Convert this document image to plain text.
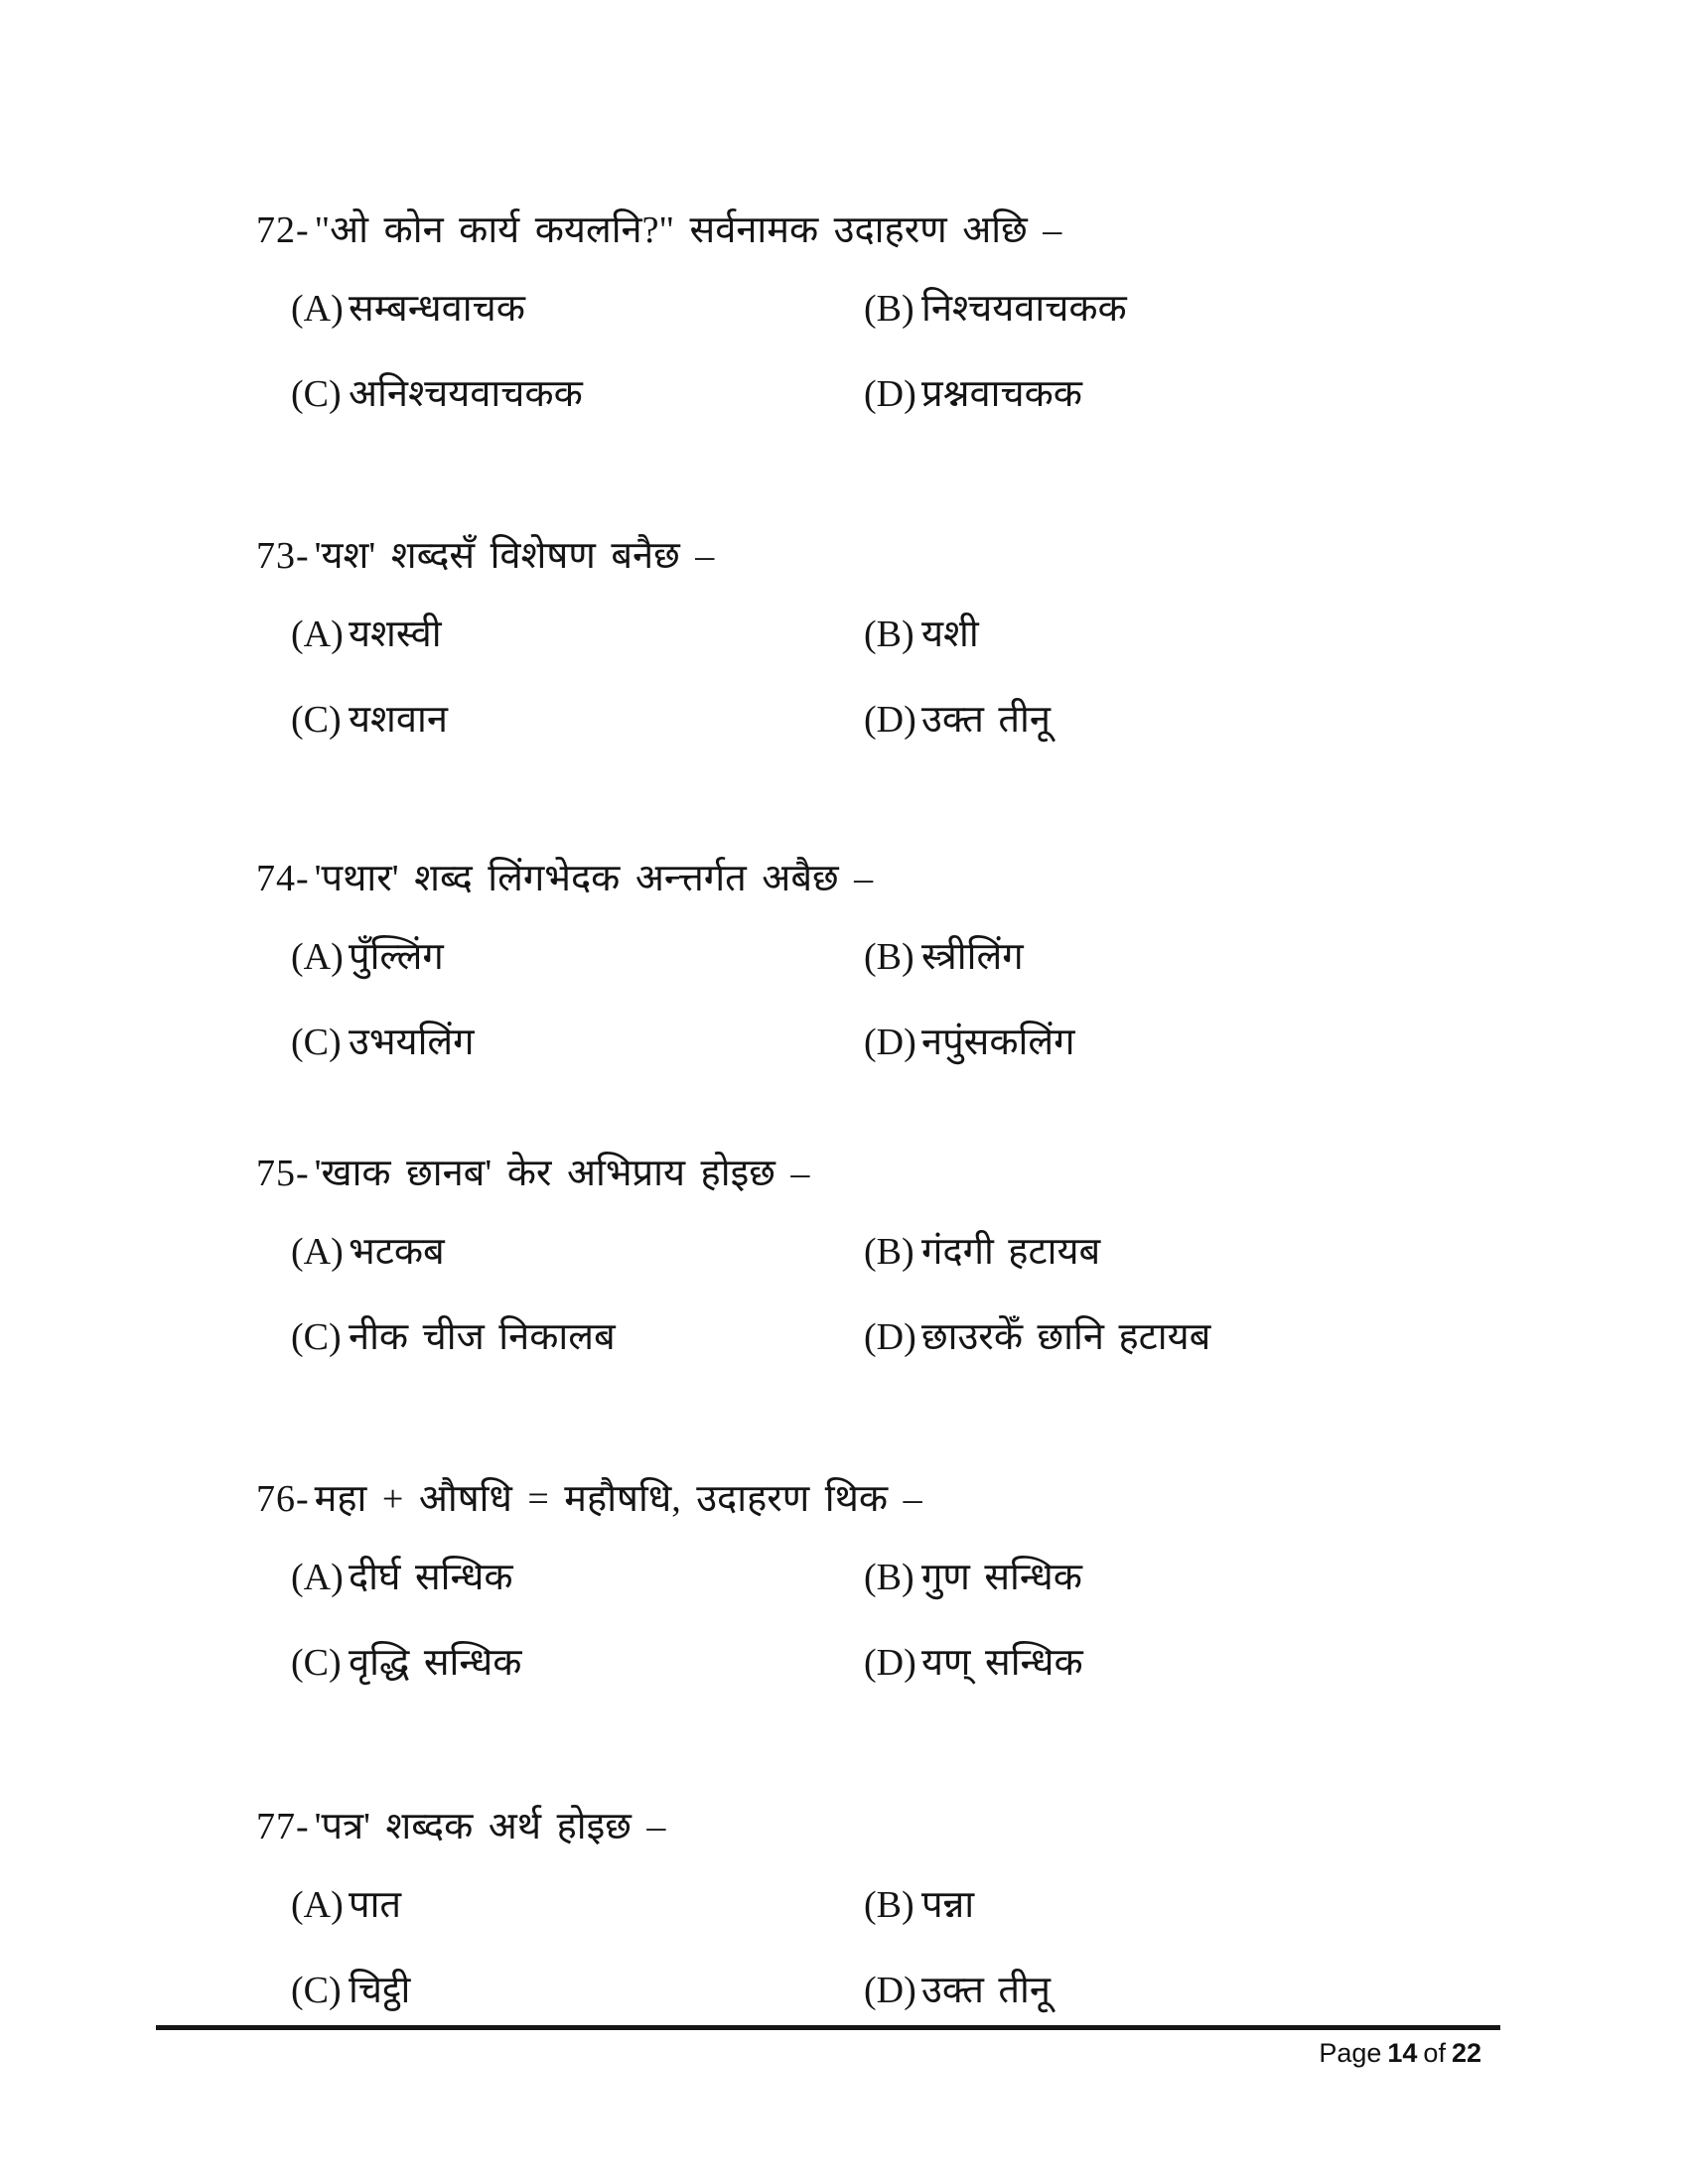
72- "ओ कोन कार्य कयलनि?" सर्वनामक उदाहरण अछि –
(A) सम्बन्धवाचक	(B) निश्चयवाचकक
(C) अनिश्चयवाचकक	(D) प्रश्नवाचकक
73- 'यश' शब्दसँ विशेषण बनैछ –
(A) यशस्वी	(B) यशी
(C) यशवान	(D) उक्त तीनू
74- 'पथार' शब्द लिंगभेदक अन्त्तर्गत अबैछ –
(A) पुँल्लिंग	(B) स्त्रीलिंग
(C) उभयलिंग	(D) नपुंसकलिंग
75- 'खाक छानब' केर अभिप्राय होइछ –
(A) भटकब	(B) गंदगी हटायब
(C) नीक चीज निकालब	(D) छाउरकेँ छानि हटायब
76- महा + औषधि = महौषधि, उदाहरण थिक –
(A) दीर्घ सन्धिक	(B) गुण सन्धिक
(C) वृद्धि सन्धिक	(D) यण् सन्धिक
77- 'पत्र' शब्दक अर्थ होइछ –
(A) पात	(B) पन्ना
(C) चिट्ठी	(D) उक्त तीनू
Page 14 of 22
